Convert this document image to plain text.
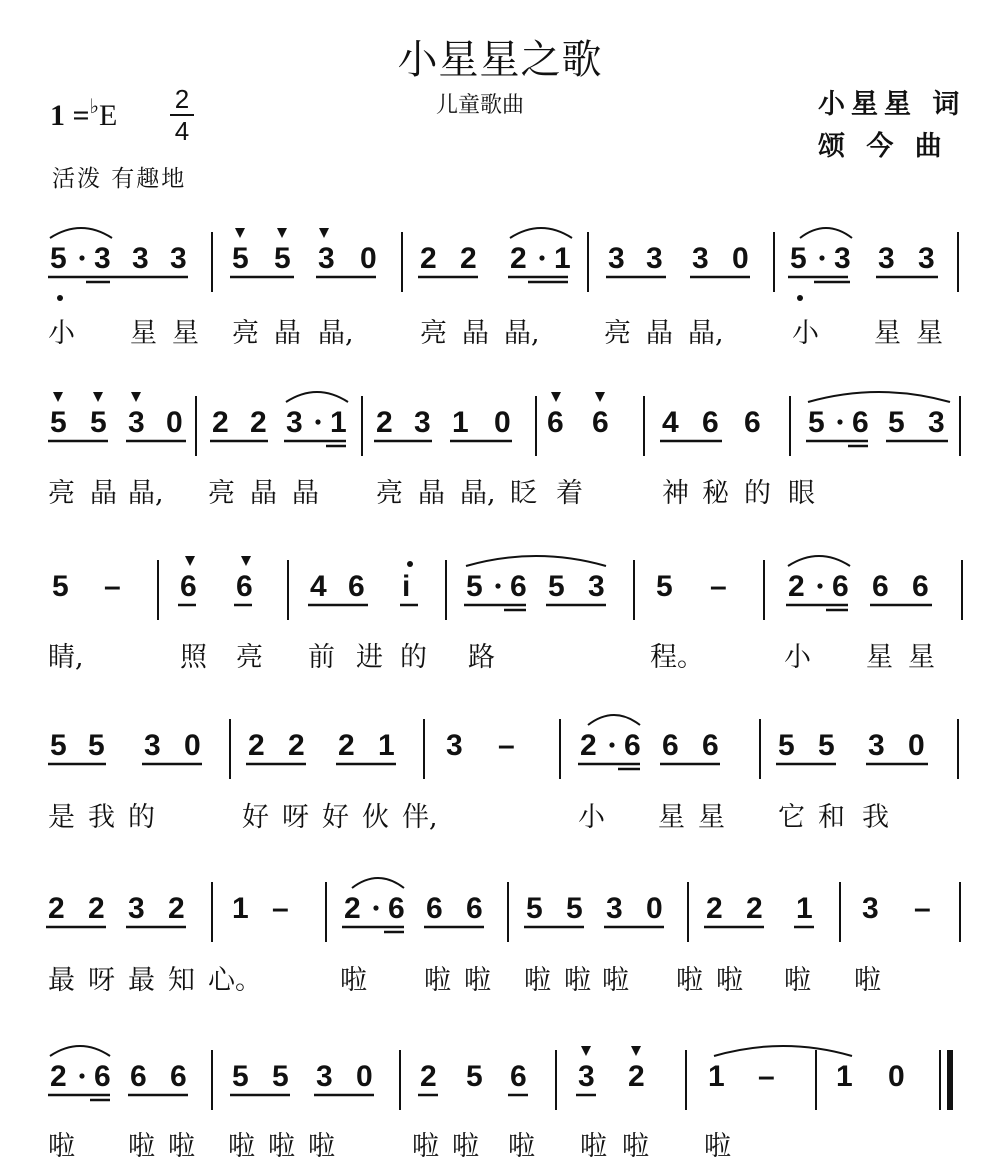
小星星之歌
儿童歌曲	小星星 词
颂 今 曲
1 =♭E 2
4
活泼 有趣地
5 3 3 3 5 5 3 0 2 2 2 1 3 3 3 0 5 3 3 3
小 星 星 亮 晶 晶, 亮 晶 晶, 亮 晶 晶,	小 星 星
5 5 3 0 2 2 3 1 2 3 1 0 6 6 4 6 6 5 6 5 3
亮 晶 晶, 亮 晶 晶 亮 晶 晶, 眨 着	神 秘 的 眼
5 – 6 6 4 6 i 5 6 5 3 5 – 2 6 6 6
睛,	照 亮 前 进 的 路	程。	小 星 星
5 5 3 0 2 2 2 1 3 – 2 6 6 6 5 5 3 0
是 我 的	好 呀 好 伙 伴,	小 星 星 它 和 我
2 2 3 2 1 – 2 6 6 6 5 5 3 0 2 2 1 3 –
最 呀 最 知 心。	啦 啦 啦 啦 啦 啦 啦 啦 啦 啦
2 6 6 6 5 5 3 0 2 5 6 3 2 1 – 1 0
啦 啦 啦 啦 啦 啦	啦 啦 啦 啦 啦 啦
